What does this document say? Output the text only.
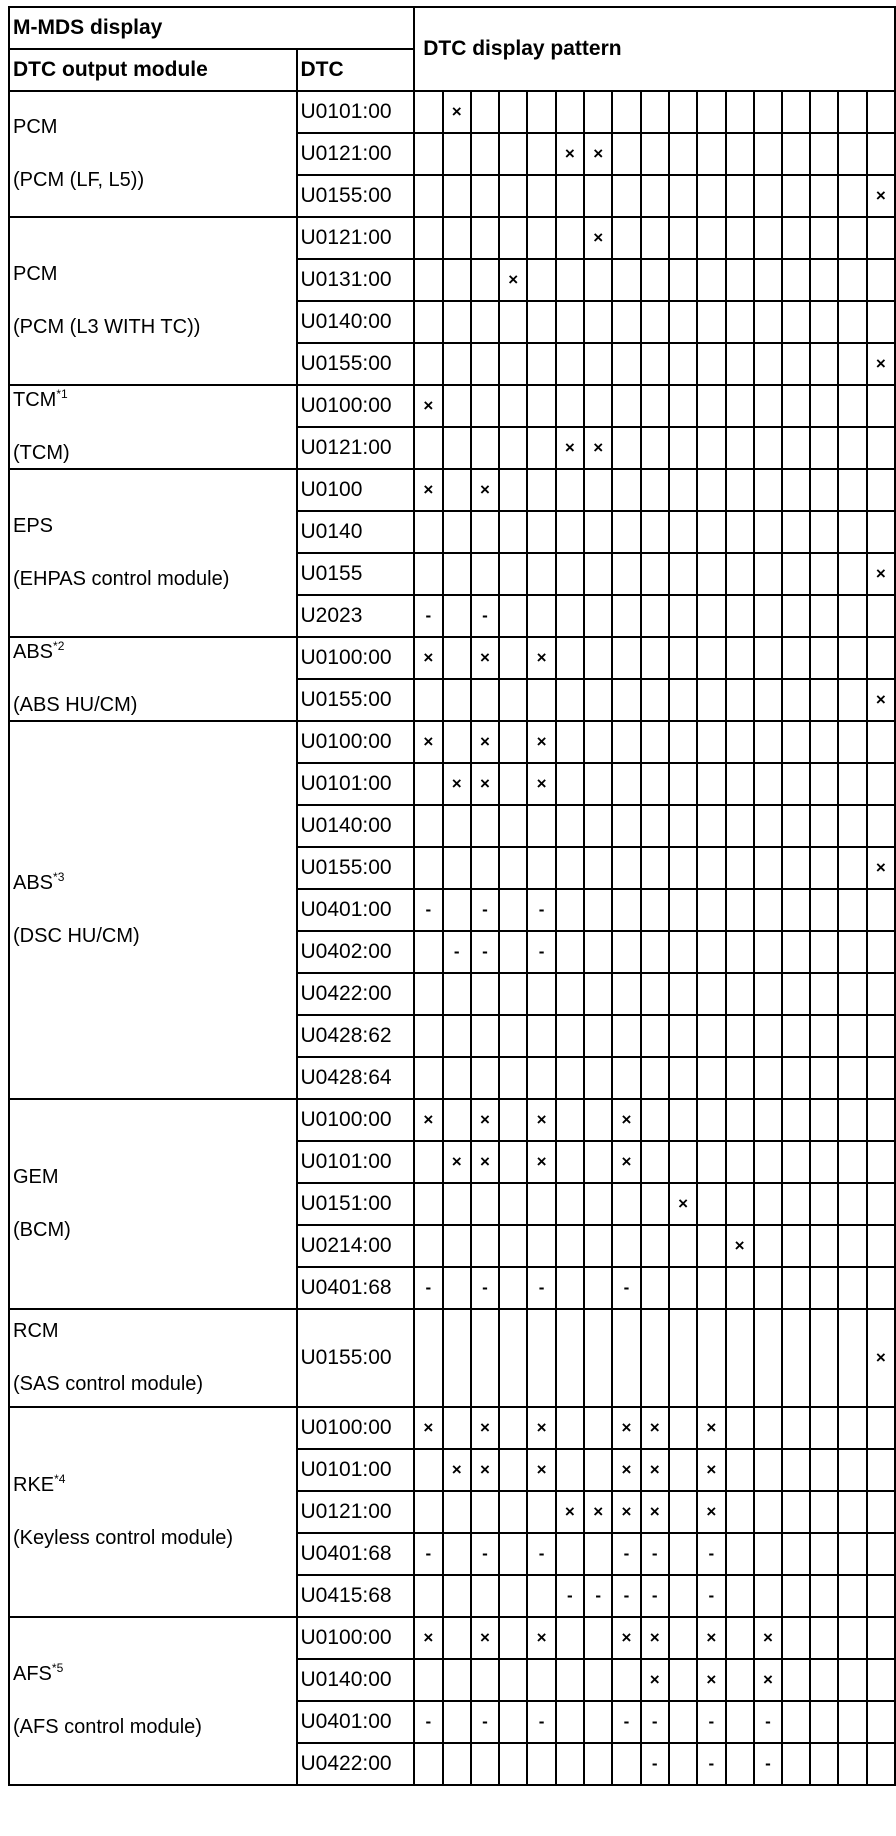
M-MDS display		DTC display pattern																
DTC output module	DTC																	

PCM
(PCM (LF, L5))	U0101:00		×															
	U0121:00						×	×										
	U0155:00																	×

PCM
(PCM (L3 WITH TC))	U0121:00							×										
	U0131:00				×													
	U0140:00																	
	U0155:00																	×

TCM$^{*1}$
(TCM)	U0100:00	×																
	U0121:00						×	×										

EPS
(EHPAS control module)	U0100	×		×														
	U0140																	
	U0155																	×
	U2023	-		-														

ABS$^{*2}$
(ABS HU/CM)	U0100:00	×		×		×												
	U0155:00																	×

ABS$^{*3}$
(DSC HU/CM)	U0100:00	×		×		×												
	U0101:00		×	×		×												
	U0140:00																	
	U0155:00																	×
	U0401:00	-		-		-												
	U0402:00		-	-		-												
	U0422:00																	
	U0428:62																	
	U0428:64																	

GEM
(BCM)	U0100:00	×		×		×			×									
	U0101:00		×	×		×			×									
	U0151:00										×							
	U0214:00												×					
	U0401:68	-		-		-			-									

RCM
(SAS control module)	U0155:00																	×

RKE$^{*4}$
(Keyless control module)	U0100:00	×		×		×			×	×		×						
	U0101:00		×	×		×			×	×		×						
	U0121:00						×	×	×	×		×						
	U0401:68	-		-		-			-	-		-						
	U0415:68						-	-	-	-		-						

AFS$^{*5}$
(AFS control module)	U0100:00	×		×		×			×	×		×		×				
	U0140:00									×		×		×				
	U0401:00	-		-		-			-	-		-		-				
	U0422:00									-		-		-				
